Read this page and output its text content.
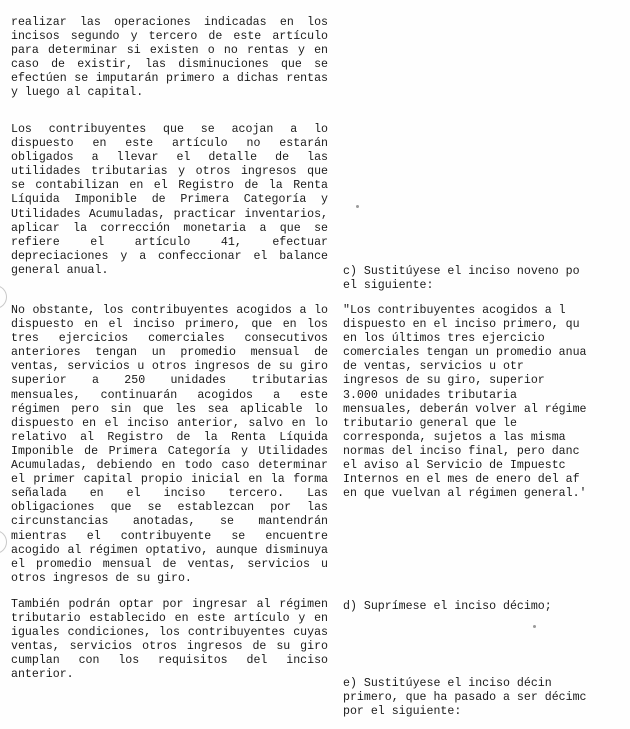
realizar las operaciones indicadas en los incisos segundo y tercero de este artículo para determinar si existen o no rentas y en caso de existir, las disminuciones que se efectúen se imputarán primero a dichas rentas y luego al capital.

Los contribuyentes que se acojan a lo dispuesto en este artículo no estarán obligados a llevar el detalle de las utilidades tributarias y otros ingresos que se contabilizan en el Registro de la Renta Líquida Imponible de Primera Categoría y Utilidades Acumuladas, practicar inventarios, aplicar la corrección monetaria a que se refiere el artículo 41, efectuar depreciaciones y a confeccionar el balance general anual.

No obstante, los contribuyentes acogidos a lo dispuesto en el inciso primero, que en los tres ejercicios comerciales consecutivos anteriores tengan un promedio mensual de ventas, servicios u otros ingresos de su giro superior a 250 unidades tributarias mensuales, continuarán acogidos a este régimen pero sin que les sea aplicable lo dispuesto en el inciso anterior, salvo en lo relativo al Registro de la Renta Líquida Imponible de Primera Categoría y Utilidades Acumuladas, debiendo en todo caso determinar el primer capital propio inicial en la forma señalada en el inciso tercero. Las obligaciones que se establezcan por las circunstancias anotadas, se mantendrán mientras el contribuyente se encuentre acogido al régimen optativo, aunque disminuya el promedio mensual de ventas, servicios u otros ingresos de su giro.

También podrán optar por ingresar al régimen tributario establecido en este artículo y en iguales condiciones, los contribuyentes cuyas ventas, servicios otros ingresos de su giro cumplan con los requisitos del inciso anterior.

c) Sustitúyese el inciso noveno po
el siguiente:
"Los contribuyentes acogidos a l
dispuesto en el inciso primero, qu
en los últimos tres ejercicio
comerciales tengan un promedio anua
de ventas, servicios u otr
ingresos de su giro, superior
3.000 unidades tributaria
mensuales, deberán volver al régime
tributario general que le
corresponda, sujetos a las misma
normas del inciso final, pero danc
el aviso al Servicio de Impuestc
Internos en el mes de enero del af
en que vuelvan al régimen general.'
d) Suprímese el inciso décimo;
e) Sustitúyese el inciso décin
primero, que ha pasado a ser décimc
por el siguiente:
